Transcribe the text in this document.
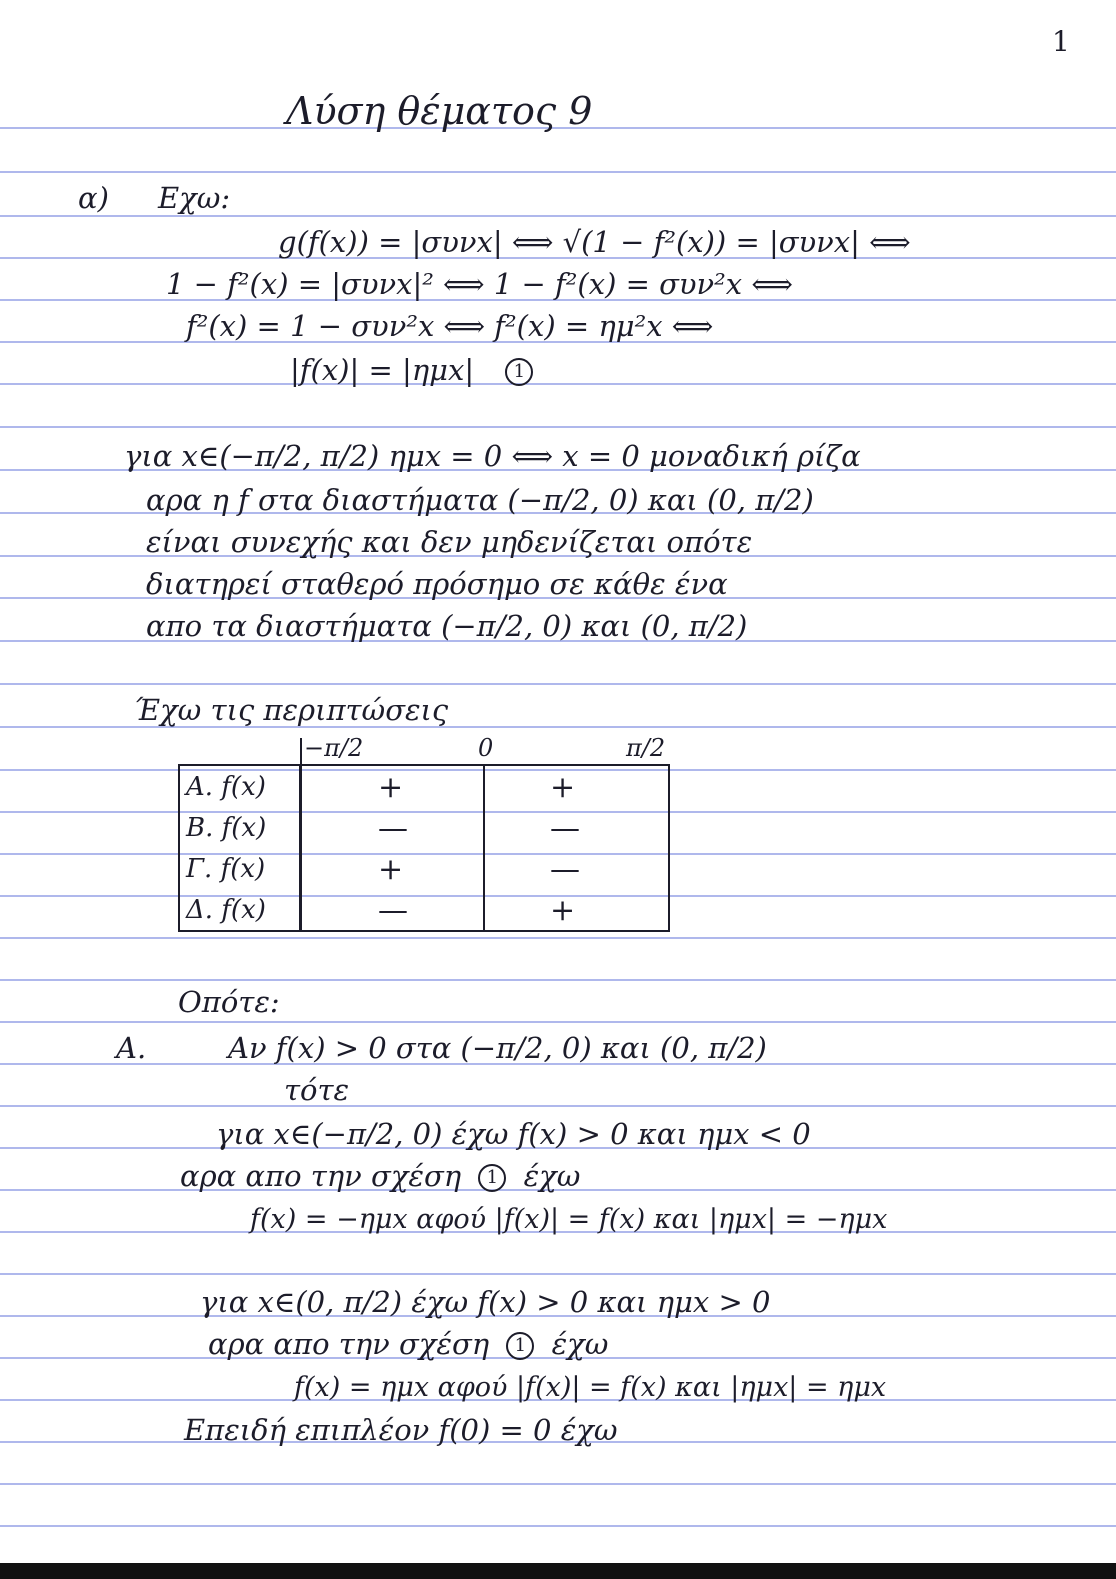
1
Λύση θέματος 9
α) Εχω:
g(f(x)) = |συνx| ⟺ √(1 − f²(x)) = |συνx| ⟺
1 − f²(x) = |συνx|² ⟺ 1 − f²(x) = συν²x ⟺
f²(x) = 1 − συν²x ⟺ f²(x) = ημ²x ⟺
|f(x)| = |ημx| 1
για x∈(−π/2, π/2) ημx = 0 ⟺ x = 0 μοναδική ρίζα
αρα η f στα διαστήματα (−π/2, 0) και (0, π/2)
είναι συνεχής και δεν μηδενίζεται οπότε
διατηρεί σταθερό πρόσημο σε κάθε ένα
απο τα διαστήματα (−π/2, 0) και (0, π/2)
Έχω τις περιπτώσεις
−π/2	0	π/2
Α. f(x)	+	+
Β. f(x)	—	—
Γ. f(x)	+	—
Δ. f(x)	—	+
Οπότε:
Α.	Αν f(x) > 0 στα (−π/2, 0) και (0, π/2)
τότε
για x∈(−π/2, 0) έχω f(x) > 0 και ημx < 0
αρα απο την σχέση 1 έχω
f(x) = −ημx αφού |f(x)| = f(x) και |ημx| = −ημx
για x∈(0, π/2) έχω f(x) > 0 και ημx > 0
αρα απο την σχέση 1 έχω
f(x) = ημx αφού |f(x)| = f(x) και |ημx| = ημx
Επειδή επιπλέον f(0) = 0 έχω
